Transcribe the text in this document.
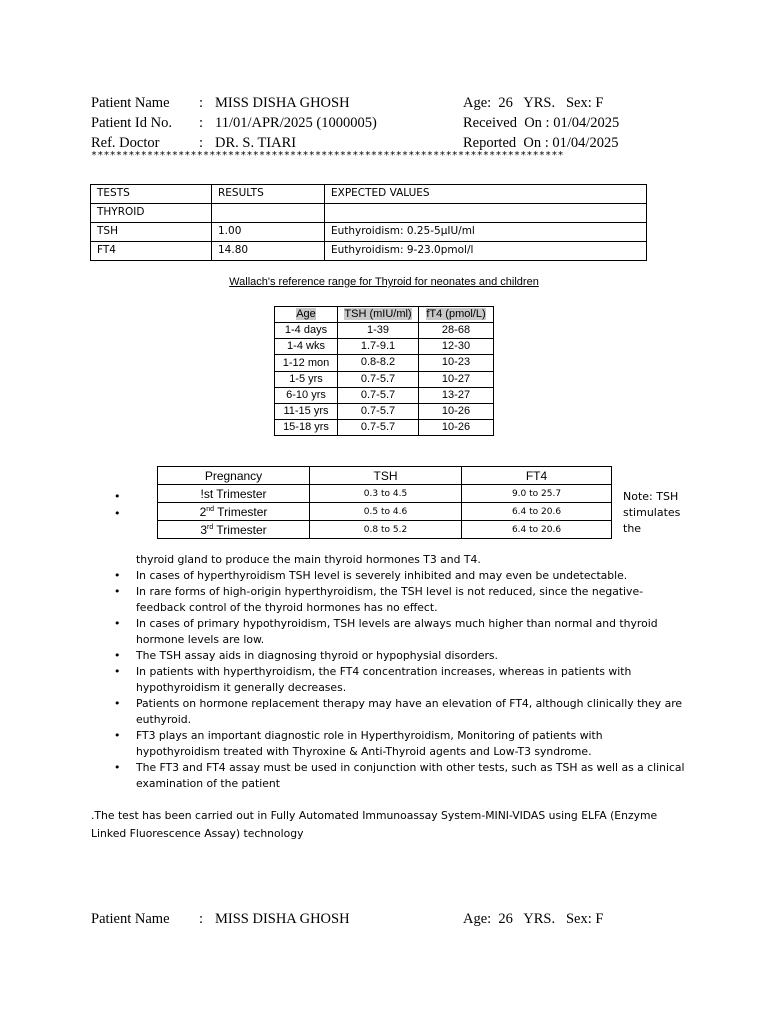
Patient Name : MISS DISHA GHOSH	Age:  26   YRS.   Sex: F
Patient Id No. : 11/01/APR/2025 (1000005)	Received  On : 01/04/2025
Ref. Doctor	: DR. S. TIARI	Reported  On : 01/04/2025
****************************************************************************
TESTS	RESULTS	EXPECTED VALUES
THYROID		
TSH	1.00	Euthyroidism: 0.25-5µIU/ml
FT4	14.80	Euthyroidism: 9-23.0pmol/l
Wallach's reference range for Thyroid for neonates and children
Age	TSH (mIU/ml)	fT4 (pmol/L)
1-4 days	1-39	28-68
1-4 wks	1.7-9.1	12-30
1-12 mon	0.8-8.2	10-23
1-5 yrs	0.7-5.7	10-27
6-10 yrs	0.7-5.7	13-27
11-15 yrs	0.7-5.7	10-26
15-18 yrs	0.7-5.7	10-26
Pregnancy	TSH	FT4
!st Trimester	0.3 to 4.5	9.0 to 25.7
2nd Trimester	0.5 to 4.6	6.4 to 20.6
3rd Trimester	0.8 to 5.2	6.4 to 20.6
•
•
Note: TSH stimulates the
thyroid gland to produce the main thyroid hormones T3 and T4.
• In cases of hyperthyroidism TSH level is severely inhibited and may even be undetectable.
• In rare forms of high-origin hyperthyroidism, the TSH level is not reduced, since the negative-feedback control of the thyroid hormones has no effect.
• In cases of primary hypothyroidism, TSH levels are always much higher than normal and thyroid hormone levels are low.
• The TSH assay aids in diagnosing thyroid or hypophysial disorders.
• In patients with hyperthyroidism, the FT4 concentration increases, whereas in patients with hypothyroidism it generally decreases.
• Patients on hormone replacement therapy may have an elevation of FT4, although clinically they are euthyroid.
• FT3 plays an important diagnostic role in Hyperthyroidism, Monitoring of patients with hypothyroidism treated with Thyroxine & Anti-Thyroid agents and Low-T3 syndrome.
• The FT3 and FT4 assay must be used in conjunction with other tests, such as TSH as well as a clinical examination of the patient
.The test has been carried out in Fully Automated Immunoassay System-MINI-VIDAS using ELFA (Enzyme Linked Fluorescence Assay) technology
Patient Name : MISS DISHA GHOSH	Age:  26   YRS.   Sex: F
